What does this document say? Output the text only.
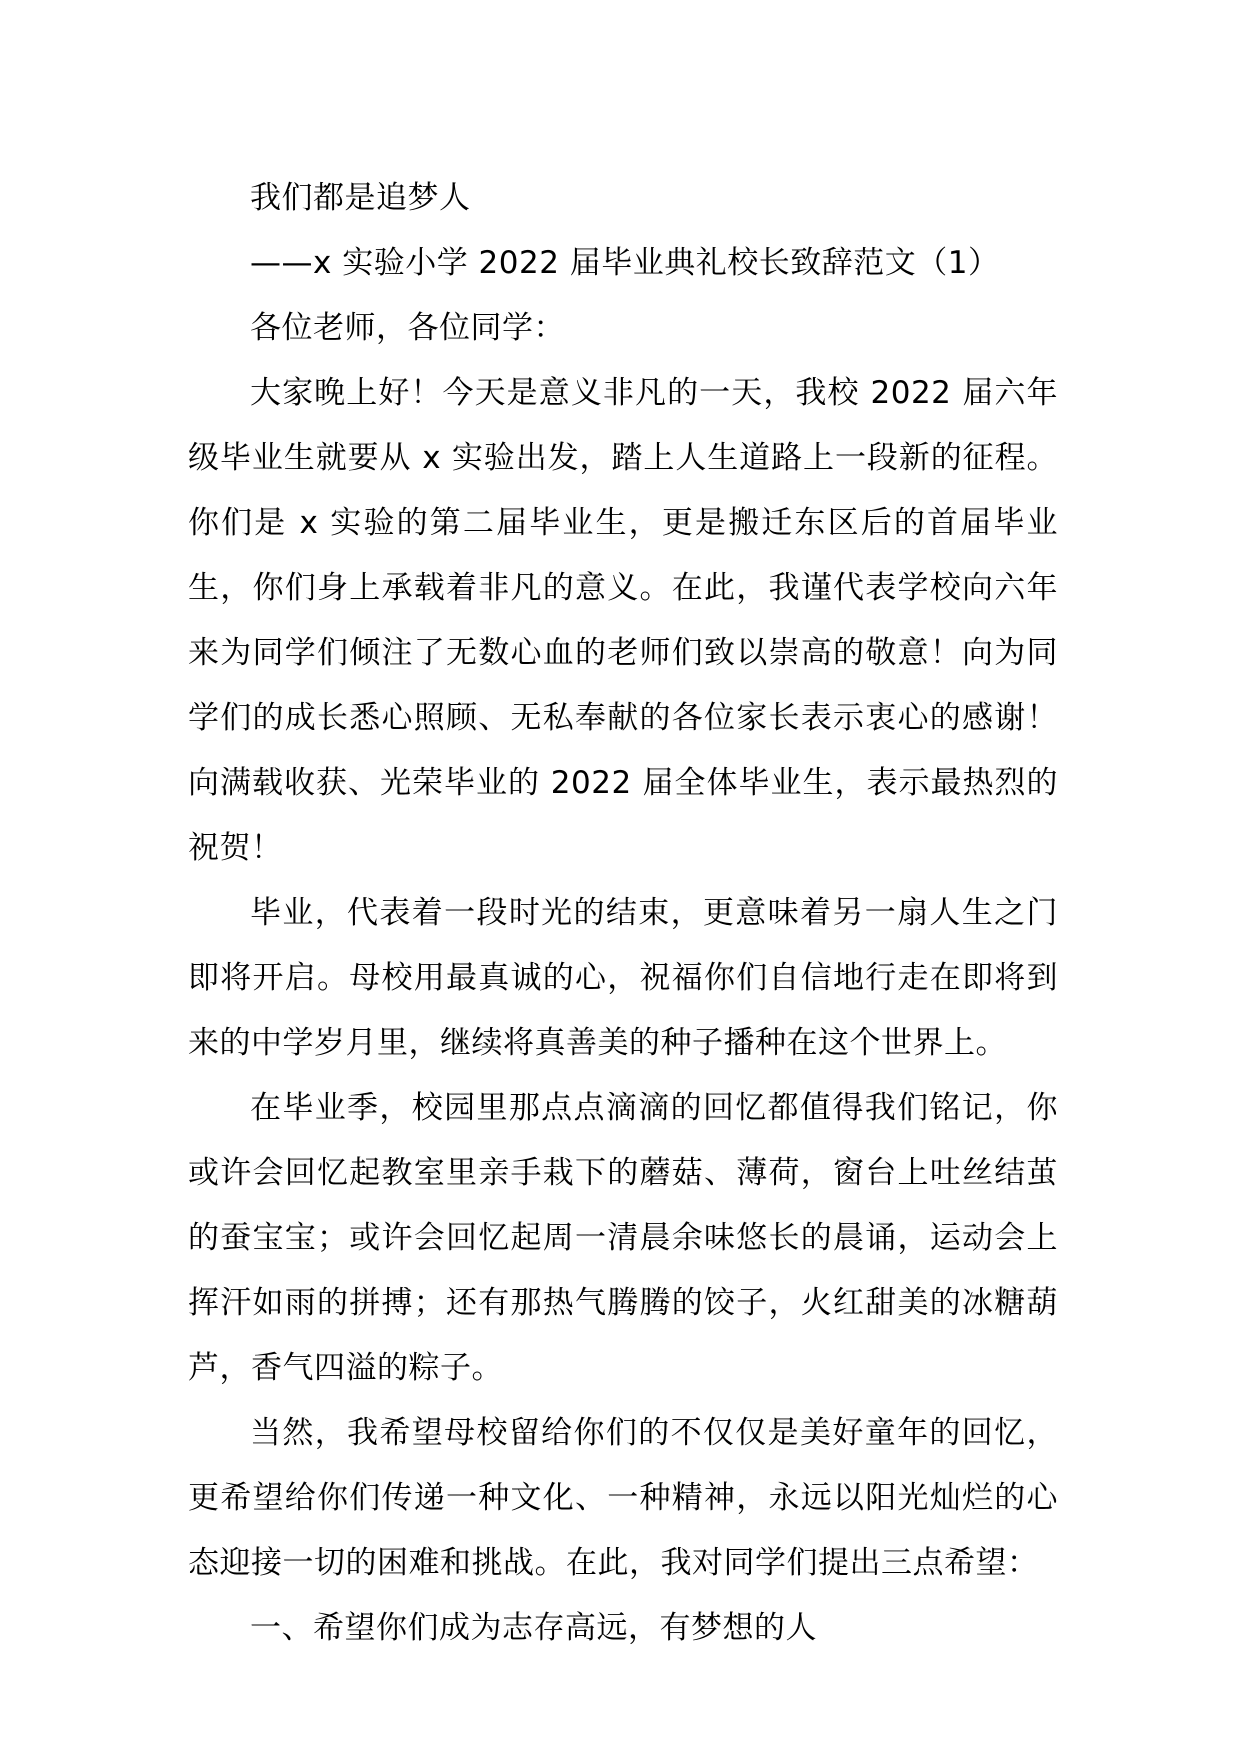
我们都是追梦人
——x 实验小学 2022 届毕业典礼校长致辞范文（1）
各位老师，各位同学：

大家晚上好！今天是意义非凡的一天，我校 2022 届六年级毕业生就要从 x 实验出发，踏上人生道路上一段新的征程。你们是 x 实验的第二届毕业生，更是搬迁东区后的首届毕业生，你们身上承载着非凡的意义。在此，我谨代表学校向六年来为同学们倾注了无数心血的老师们致以崇高的敬意！向为同学们的成长悉心照顾、无私奉献的各位家长表示衷心的感谢！向满载收获、光荣毕业的 2022 届全体毕业生，表示最热烈的祝贺！

毕业，代表着一段时光的结束，更意味着另一扇人生之门即将开启。母校用最真诚的心，祝福你们自信地行走在即将到来的中学岁月里，继续将真善美的种子播种在这个世界上。

在毕业季，校园里那点点滴滴的回忆都值得我们铭记，你或许会回忆起教室里亲手栽下的蘑菇、薄荷，窗台上吐丝结茧的蚕宝宝；或许会回忆起周一清晨余味悠长的晨诵，运动会上挥汗如雨的拼搏；还有那热气腾腾的饺子，火红甜美的冰糖葫芦，香气四溢的粽子。

当然，我希望母校留给你们的不仅仅是美好童年的回忆，更希望给你们传递一种文化、一种精神，永远以阳光灿烂的心态迎接一切的困难和挑战。在此，我对同学们提出三点希望：

一、希望你们成为志存高远，有梦想的人
